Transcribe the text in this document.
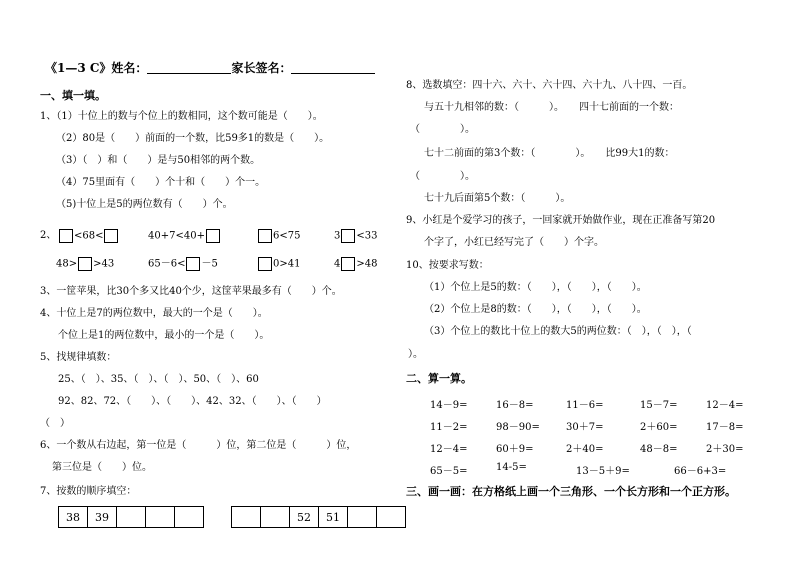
《1—3 C》姓名：	家长签名：
一、填一填。
1、（1）十位上的数与个位上的数相同，这个数可能是（　　）。
（2）80是（　　）前面的一个数，比59多1的数是（　　）。
（3）（　）和（　　）是与50相邻的两个数。
（4）75里面有（　　）个十和（　　）个一。
（5)十位上是5的两位数有（　　）个。
2、	<68<	40+7<40+	6<75	3 <33
48> >43	65－6< －5	0>41	4 >48
3、一筐苹果，比30个多又比40个少，这筐苹果最多有（　　）个。
4、十位上是7的两位数中，最大的一个是（　　）。
个位上是1的两位数中，最小的一个是（　　）。
5、找规律填数：
25、（　）、35、（　）、（　）、50、（　）、60
92、82、72、（　　）、（　　）、42、32、（　　）、（　　）
（　）
6、一个数从右边起，第一位是（　　　）位，第二位是（　　　）位，
第三位是（　　）位。
7、按数的顺序填空：
38	39			
			52	51		
8、选数填空：四十六、六十、六十四、六十九、八十四、一百。
与五十九相邻的数：（　　　）。　　四十七前面的一个数：
（　　　　）。
七十二前面的第3个数：（　　　　）。　　比99大1的数：
（　　　　）。
七十九后面第5个数：（　　　）。
9、小红是个爱学习的孩子，一回家就开始做作业，现在正准备写第20
个字了，小红已经写完了（　　）个字。
10、按要求写数：
（1）个位上是5的数：（　　），（　　），（　　）。
（2）个位上是8的数：（　　），（　　），（　　）。
（3）个位上的数比十位上的数大5的两位数：（　），（　），（
）。
二、算一算。
14－9=	16－8=	11－6=	15－7=	12－4=
11－2=	98－90=	30＋7=	2＋60=	17－8=
12－4=	60＋9=	2＋40=	48－8=	2＋30=
65－5=	14-5=	13－5＋9=	66－6+3=
三、画一画：在方格纸上画一个三角形、一个长方形和一个正方形。
